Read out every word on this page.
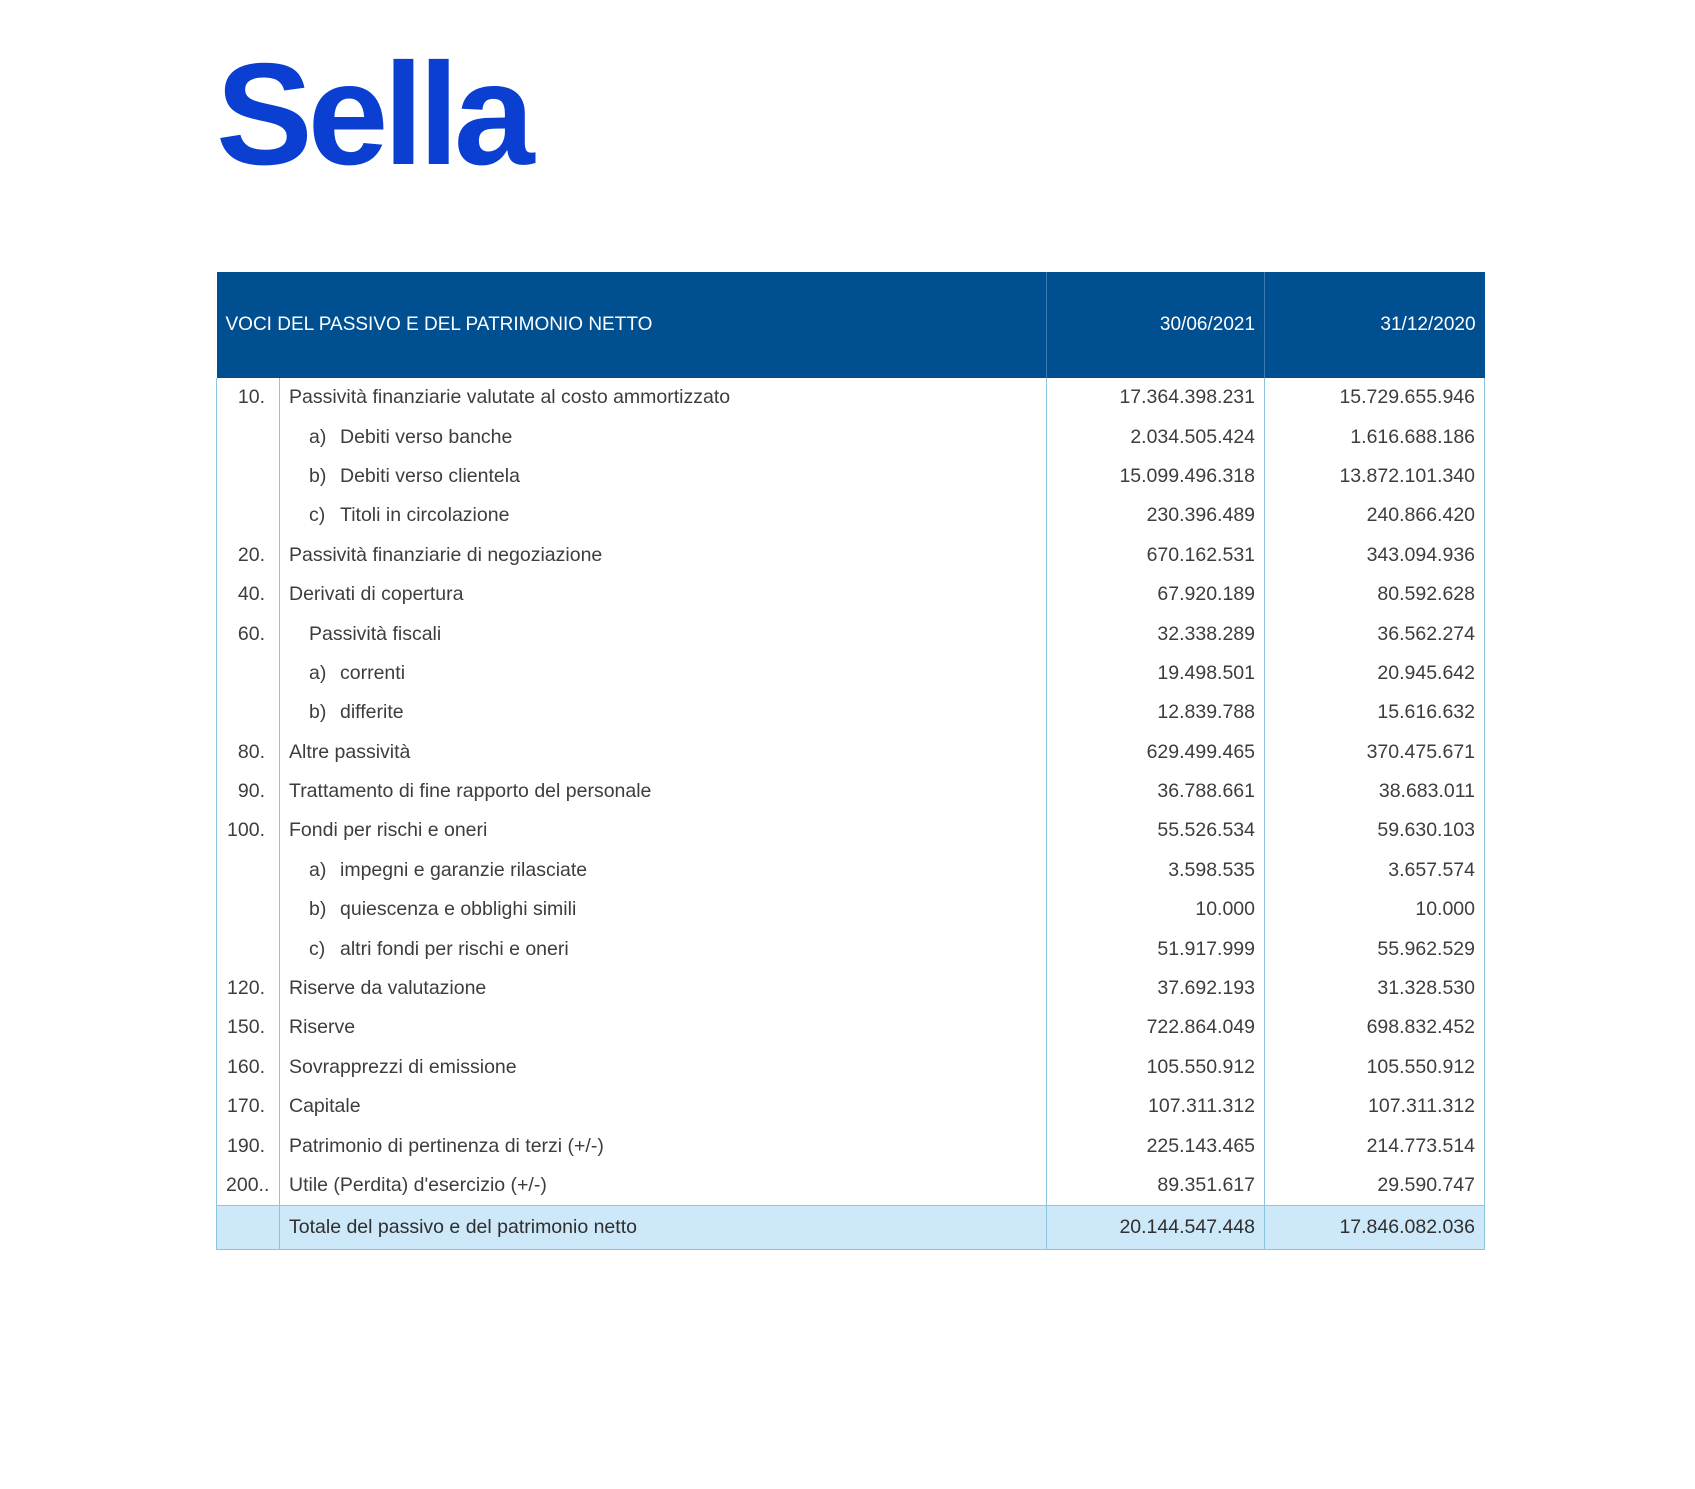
Sella
VOCI DEL PASSIVO E DEL PATRIMONIO NETTO		30/06/2021	31/12/2020
10.	Passività finanziarie valutate al costo ammortizzato	17.364.398.231	15.729.655.946
	a) Debiti verso banche	2.034.505.424	1.616.688.186
	b) Debiti verso clientela	15.099.496.318	13.872.101.340
	c) Titoli in circolazione	230.396.489	240.866.420
20.	Passività finanziarie di negoziazione	670.162.531	343.094.936
40.	Derivati di copertura	67.920.189	80.592.628
60.	Passività fiscali	32.338.289	36.562.274
	a) correnti	19.498.501	20.945.642
	b) differite	12.839.788	15.616.632
80.	Altre passività	629.499.465	370.475.671
90.	Trattamento di fine rapporto del personale	36.788.661	38.683.011
100.	Fondi per rischi e oneri	55.526.534	59.630.103
	a) impegni e garanzie rilasciate	3.598.535	3.657.574
	b) quiescenza e obblighi simili	10.000	10.000
	c) altri fondi per rischi e oneri	51.917.999	55.962.529
120.	Riserve da valutazione	37.692.193	31.328.530
150.	Riserve	722.864.049	698.832.452
160.	Sovrapprezzi di emissione	105.550.912	105.550.912
170.	Capitale	107.311.312	107.311.312
190.	Patrimonio di pertinenza di terzi (+/-)	225.143.465	214.773.514
200..	Utile (Perdita) d'esercizio (+/-)	89.351.617	29.590.747
	Totale del passivo e del patrimonio netto	20.144.547.448	17.846.082.036
